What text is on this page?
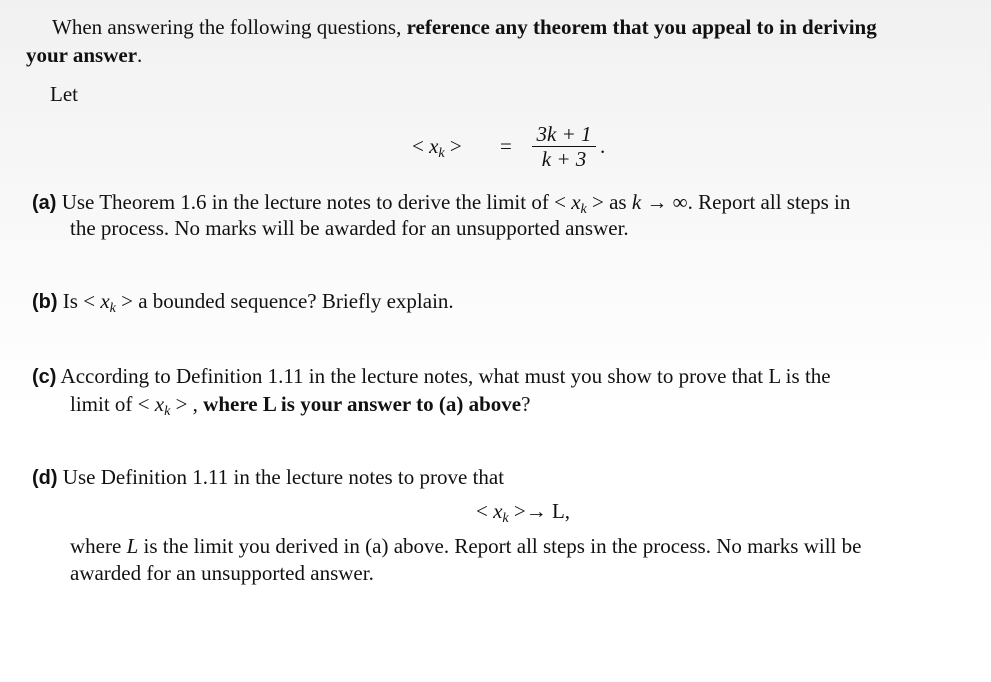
When answering the following questions, reference any theorem that you appeal to in deriving
your answer.
Let
< $x_k$ > =	3k + 1
k + 3
.
(a) Use Theorem 1.6 in the lecture notes to derive the limit of < $x_k$ > as k → ∞. Report all steps in
the process. No marks will be awarded for an unsupported answer.
(b) $Is < x_k > a$ bounded sequence? Briefly explain.
(c) According to Definition 1.11 in the lecture notes, what must you show to prove that L is the
limit of < $x_k$ > , where L is your answer to (a) above?
(d) Use Definition 1.11 in the lecture notes to prove that
< $x_k >\to L$,
where L is the limit you derived in (a) above. Report all steps in the process. No marks will be
awarded for an unsupported answer.
